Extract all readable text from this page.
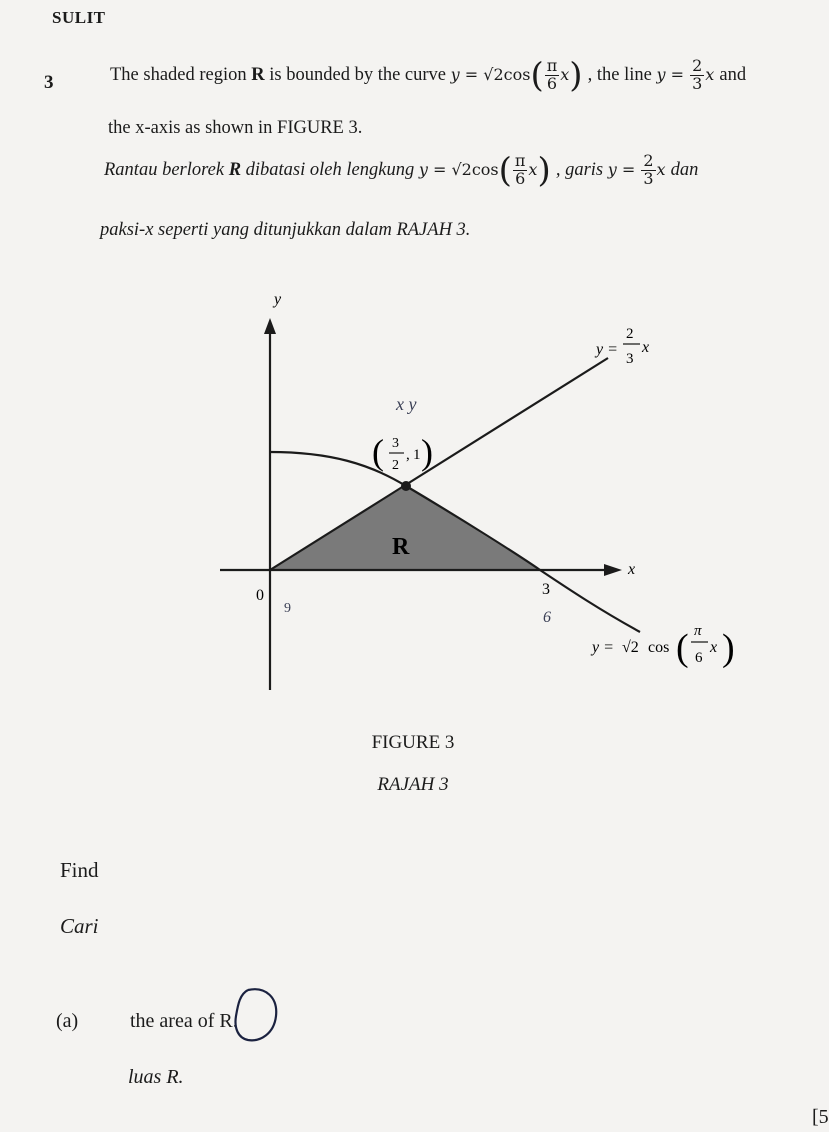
SULIT
3	The shaded region R is bounded by the curve $y = √2\cos( \frac{\pi}{6} x)$ , the line $y = \frac{2}{3}$ x and
the x-axis as shown in FIGURE 3.
Rantau berlorek R dibatasi oleh lengkung $y = √2\cos( \frac{\pi}{6} x)$ , garis $y = \frac{2}{3}$ x dan
paksi-x seperti yang ditunjukkan dalam RAJAH 3.
y
x
0	3
R
y =
2
3
x
( 3
2
, 1 )
y = √2 cos ( π
6
x )
x y
9
6
FIGURE 3
RAJAH 3
Find
Cari
(a)	the area of R.
luas R.
[5
